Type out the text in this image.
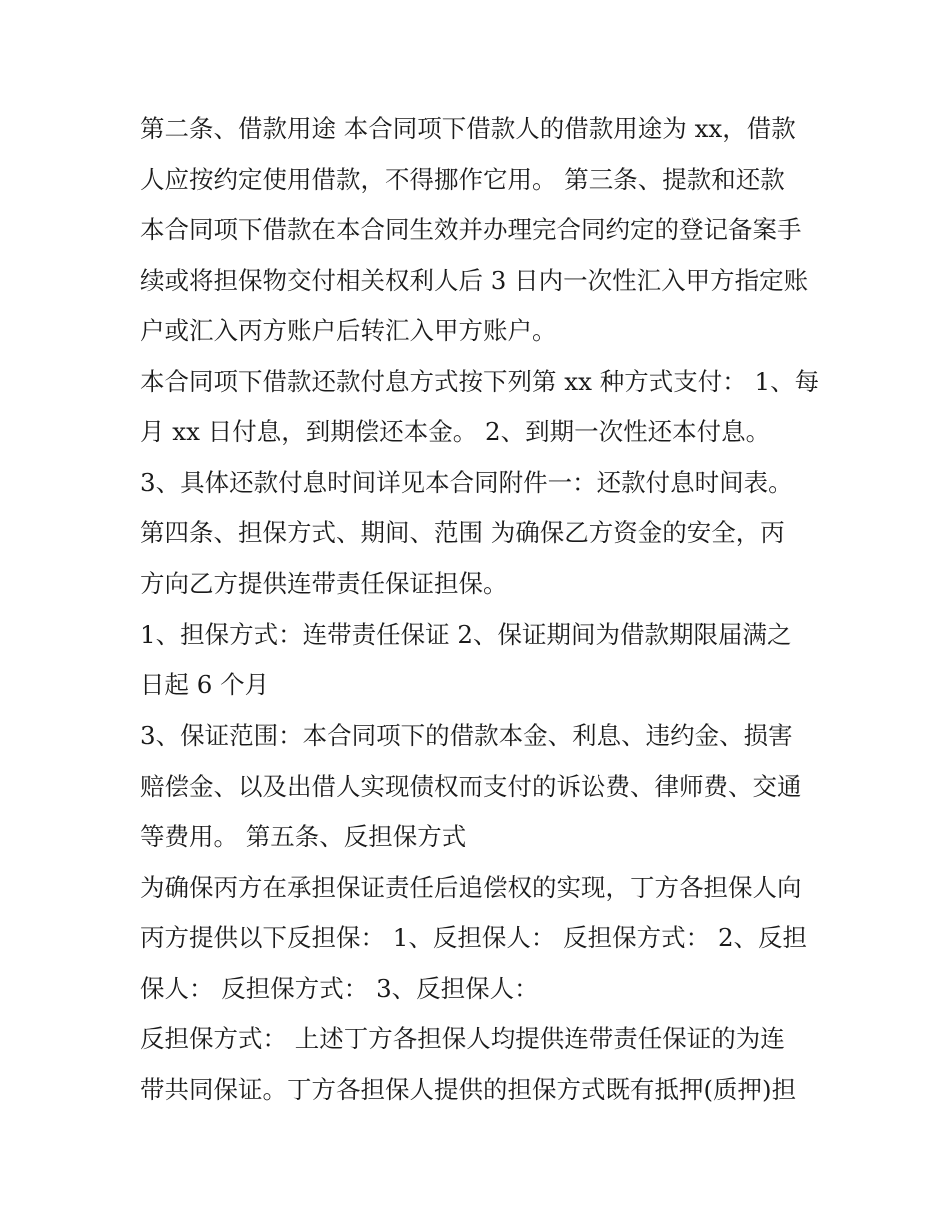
第二条、借款用途 本合同项下借款人的借款用途为 xx，借款
人应按约定使用借款，不得挪作它用。 第三条、提款和还款
本合同项下借款在本合同生效并办理完合同约定的登记备案手
续或将担保物交付相关权利人后 3 日内一次性汇入甲方指定账
户或汇入丙方账户后转汇入甲方账户。
本合同项下借款还款付息方式按下列第 xx 种方式支付： 1、每
月 xx 日付息，到期偿还本金。 2、到期一次性还本付息。
3、具体还款付息时间详见本合同附件一：还款付息时间表。
第四条、担保方式、期间、范围 为确保乙方资金的安全，丙
方向乙方提供连带责任保证担保。
1、担保方式：连带责任保证 2、保证期间为借款期限届满之
日起 6 个月
3、保证范围：本合同项下的借款本金、利息、违约金、损害
赔偿金、以及出借人实现债权而支付的诉讼费、律师费、交通
等费用。 第五条、反担保方式
为确保丙方在承担保证责任后追偿权的实现，丁方各担保人向
丙方提供以下反担保： 1、反担保人： 反担保方式： 2、反担
保人： 反担保方式： 3、反担保人：
反担保方式： 上述丁方各担保人均提供连带责任保证的为连
带共同保证。丁方各担保人提供的担保方式既有抵押(质押)担
